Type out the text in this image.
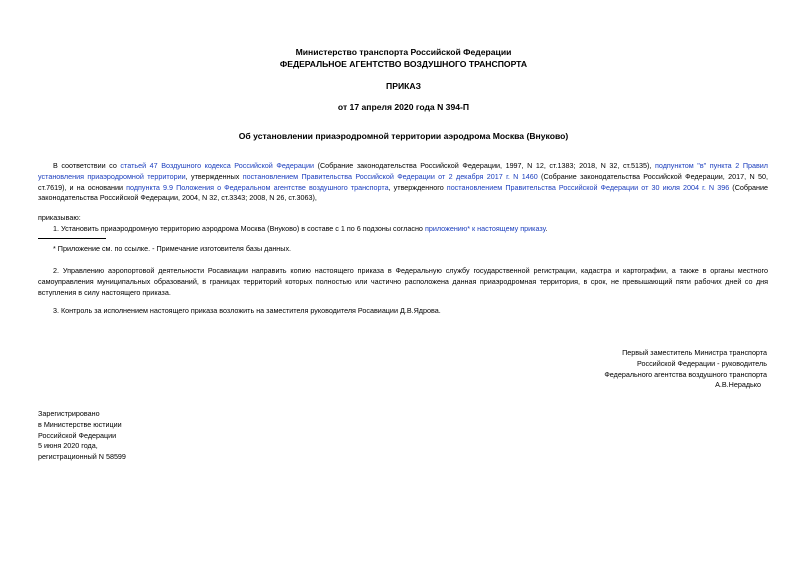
Министерство транспорта Российской Федерации
ФЕДЕРАЛЬНОЕ АГЕНТСТВО ВОЗДУШНОГО ТРАНСПОРТА
ПРИКАЗ
от 17 апреля 2020 года N 394-П
Об установлении приаэродромной территории аэродрома Москва (Внуково)
В соответствии со статьей 47 Воздушного кодекса Российской Федерации (Собрание законодательства Российской Федерации, 1997, N 12, ст.1383; 2018, N 32, ст.5135), подпунктом "в" пункта 2 Правил установления приаэродромной территории, утвержденных постановлением Правительства Российской Федерации от 2 декабря 2017 г. N 1460 (Собрание законодательства Российской Федерации, 2017, N 50, ст.7619), и на основании подпункта 9.9 Положения о Федеральном агентстве воздушного транспорта, утвержденного постановлением Правительства Российской Федерации от 30 июля 2004 г. N 396 (Собрание законодательства Российской Федерации, 2004, N 32, ст.3343; 2008, N 26, ст.3063),
приказываю:
1. Установить приаэродромную территорию аэродрома Москва (Внуково) в составе с 1 по 6 подзоны согласно приложению* к настоящему приказу.
* Приложение см. по ссылке. - Примечание изготовителя базы данных.
2. Управлению аэропортовой деятельности Росавиации направить копию настоящего приказа в Федеральную службу государственной регистрации, кадастра и картографии, а также в органы местного самоуправления муниципальных образований, в границах территорий которых полностью или частично расположена данная приаэродромная территория, в срок, не превышающий пяти рабочих дней со дня вступления в силу настоящего приказа.
3. Контроль за исполнением настоящего приказа возложить на заместителя руководителя Росавиации Д.В.Ядрова.
Первый заместитель Министра транспорта
Российской Федерации - руководитель
Федерального агентства воздушного транспорта
А.В.Нерадько
Зарегистрировано
в Министерстве юстиции
Российской Федерации
5 июня 2020 года,
регистрационный N 58599
